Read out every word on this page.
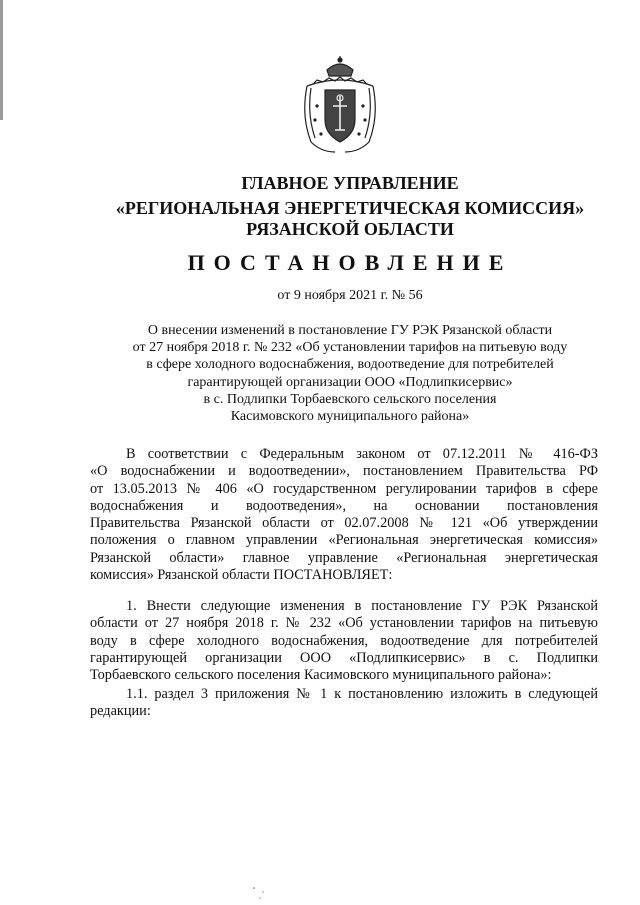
ГЛАВНОЕ УПРАВЛЕНИЕ
«РЕГИОНАЛЬНАЯ ЭНЕРГЕТИЧЕСКАЯ КОМИССИЯ»
РЯЗАНСКОЙ ОБЛАСТИ
ПОСТАНОВЛЕНИЕ
от 9 ноября 2021 г. № 56
О внесении изменений в постановление ГУ РЭК Рязанской области
от 27 ноября 2018 г. № 232 «Об установлении тарифов на питьевую воду
в сфере холодного водоснабжения, водоотведение для потребителей
гарантирующей организации ООО «Подлипкисервис»
в с. Подлипки Торбаевского сельского поселения
Касимовского муниципального района»
В соответствии с Федеральным законом от 07.12.2011 № 416-ФЗ
«О водоснабжении и водоотведении», постановлением Правительства РФ
от 13.05.2013 № 406 «О государственном регулировании тарифов в сфере
водоснабжения и водоотведения», на основании постановления
Правительства Рязанской области от 02.07.2008 № 121 «Об утверждении
положения о главном управлении «Региональная энергетическая комиссия»
Рязанской области» главное управление «Региональная энергетическая
комиссия» Рязанской области ПОСТАНОВЛЯЕТ:
1. Внести следующие изменения в постановление ГУ РЭК Рязанской
области от 27 ноября 2018 г. № 232 «Об установлении тарифов на питьевую
воду в сфере холодного водоснабжения, водоотведение для потребителей
гарантирующей организации ООО «Подлипкисервис» в с. Подлипки
Торбаевского сельского поселения Касимовского муниципального района»:
1.1. раздел 3 приложения № 1 к постановлению изложить в следующей
редакции:
